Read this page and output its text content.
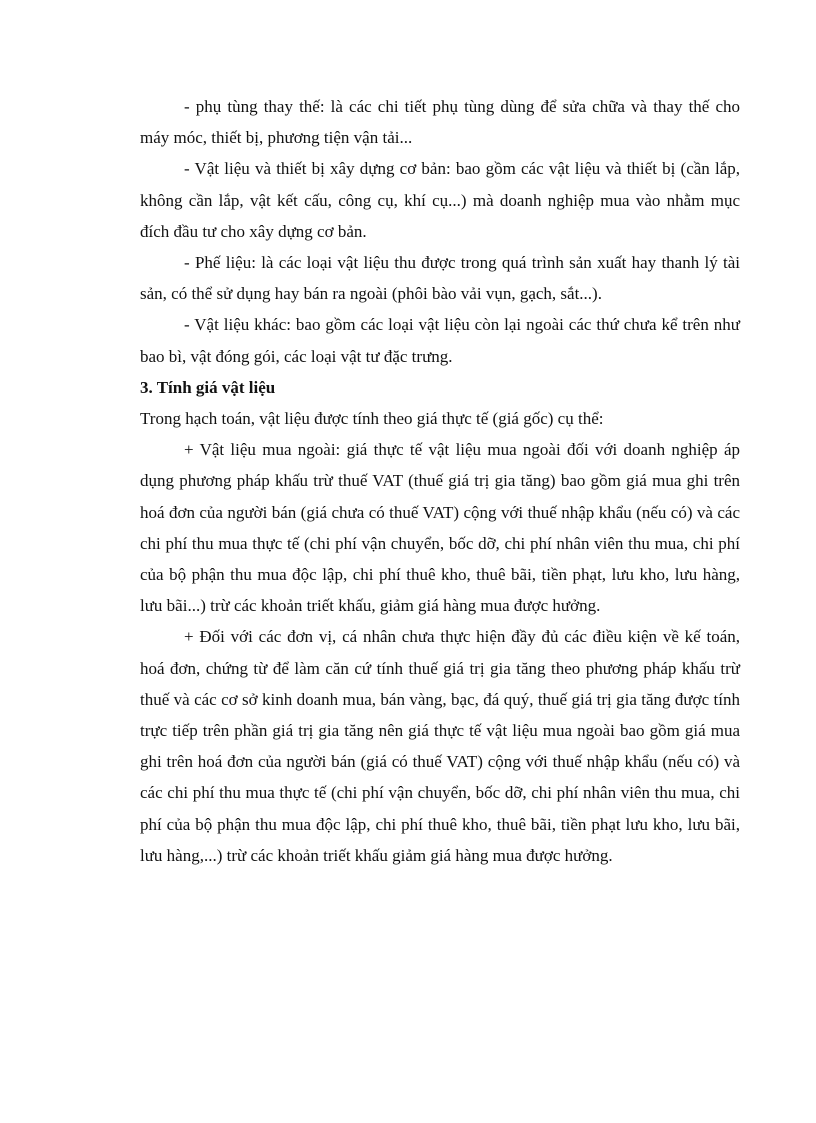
- phụ tùng thay thế: là các chi tiết phụ tùng dùng để sửa chữa và thay thế cho máy móc, thiết bị, phương tiện vận tải...

- Vật liệu và thiết bị xây dựng cơ bản: bao gồm các vật liệu và thiết bị (cần lắp, không cần lắp, vật kết cấu, công cụ, khí cụ...) mà doanh nghiệp mua vào nhằm mục đích đầu tư cho xây dựng cơ bản.

- Phế liệu: là các loại vật liệu thu được trong quá trình sản xuất hay thanh lý tài sản, có thể sử dụng hay bán ra ngoài (phôi bào vải vụn, gạch, sắt...).

- Vật liệu khác: bao gồm các loại vật liệu còn lại ngoài các thứ chưa kể trên như bao bì, vật đóng gói, các loại vật tư đặc trưng.

3. Tính giá vật liệu

Trong hạch toán, vật liệu được tính theo giá thực tế (giá gốc) cụ thể:

+ Vật liệu mua ngoài: giá thực tế vật liệu mua ngoài đối với doanh nghiệp áp dụng phương pháp khấu trừ thuế VAT (thuế giá trị gia tăng) bao gồm giá mua ghi trên hoá đơn của người bán (giá chưa có thuế VAT) cộng với thuế nhập khẩu (nếu có) và các chi phí thu mua thực tế (chi phí vận chuyển, bốc dỡ, chi phí nhân viên thu mua, chi phí của bộ phận thu mua độc lập, chi phí thuê kho, thuê bãi, tiền phạt, lưu kho, lưu hàng, lưu bãi...) trừ các khoản triết khấu, giảm giá hàng mua được hưởng.

+ Đối với các đơn vị, cá nhân chưa thực hiện đầy đủ các điều kiện về kế toán, hoá đơn, chứng từ để làm căn cứ tính thuế giá trị gia tăng theo phương pháp khấu trừ thuế và các cơ sở kinh doanh mua, bán vàng, bạc, đá quý, thuế giá trị gia tăng được tính trực tiếp trên phần giá trị gia tăng nên giá thực tế vật liệu mua ngoài bao gồm giá mua ghi trên hoá đơn của người bán (giá có thuế VAT) cộng với thuế nhập khẩu (nếu có) và các chi phí thu mua thực tế (chi phí vận chuyển, bốc dỡ, chi phí nhân viên thu mua, chi phí của bộ phận thu mua độc lập, chi phí thuê kho, thuê bãi, tiền phạt lưu kho, lưu bãi, lưu hàng,...) trừ các khoản triết khấu giảm giá hàng mua được hưởng.
